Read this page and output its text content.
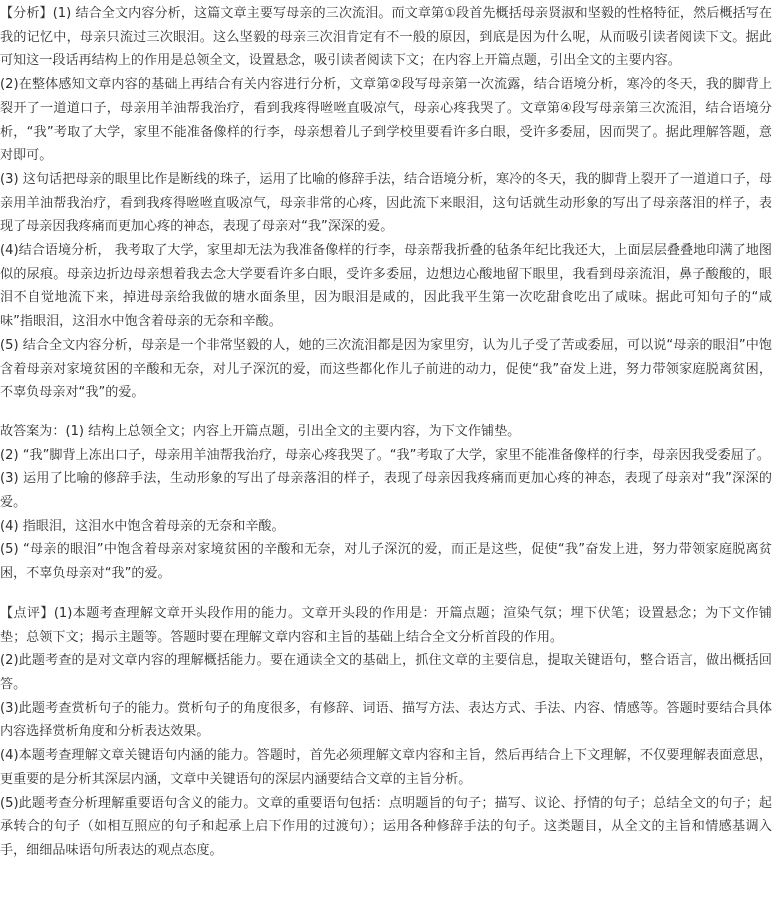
【分析】(1) 结合全文内容分析，这篇文章主要写母亲的三次流泪。而文章第①段首先概括母亲贤淑和坚毅的性格特征，然后概括写在我的记忆中，母亲只流过三次眼泪。这么坚毅的母亲三次泪肯定有不一般的原因，到底是因为什么呢，从而吸引读者阅读下文。据此可知这一段话再结构上的作用是总领全文，设置悬念，吸引读者阅读下文；在内容上开篇点题，引出全文的主要内容。

(2)在整体感知文章内容的基础上再结合有关内容进行分析，文章第②段写母亲第一次流露，结合语境分析，寒冷的冬天，我的脚背上裂开了一道道口子，母亲用羊油帮我治疗，看到我疼得咝咝直吸凉气，母亲心疼我哭了。文章第④段写母亲第三次流泪，结合语境分析，“我”考取了大学，家里不能准备像样的行李，母亲想着儿子到学校里要看许多白眼，受许多委屈，因而哭了。据此理解答题，意对即可。

(3) 这句话把母亲的眼里比作是断线的珠子，运用了比喻的修辞手法，结合语境分析，寒冷的冬天，我的脚背上裂开了一道道口子，母亲用羊油帮我治疗，看到我疼得咝咝直吸凉气，母亲非常的心疼，因此流下来眼泪，这句话就生动形象的写出了母亲落泪的样子，表现了母亲因我疼痛而更加心疼的神态，表现了母亲对“我”深深的爱。

(4)结合语境分析， 我考取了大学，家里却无法为我准备像样的行李，母亲帮我折叠的毡条年纪比我还大，上面层层叠叠地印满了地图似的尿痕。母亲边折边母亲想着我去念大学要看许多白眼，受许多委屈，边想边心酸地留下眼里，我看到母亲流泪，鼻子酸酸的，眼泪不自觉地流下来，掉进母亲给我做的塘水面条里，因为眼泪是咸的，因此我平生第一次吃甜食吃出了咸味。据此可知句子的“咸味”指眼泪，这泪水中饱含着母亲的无奈和辛酸。

(5) 结合全文内容分析，母亲是一个非常坚毅的人，她的三次流泪都是因为家里穷，认为儿子受了苦或委屈，可以说“母亲的眼泪”中饱含着母亲对家境贫困的辛酸和无奈，对儿子深沉的爱，而这些都化作儿子前进的动力，促使“我”奋发上进，努力带领家庭脱离贫困，不辜负母亲对“我”的爱。

故答案为：(1) 结构上总领全文；内容上开篇点题，引出全文的主要内容，为下文作铺垫。

(2) “我”脚背上冻出口子，母亲用羊油帮我治疗，母亲心疼我哭了。“我”考取了大学，家里不能准备像样的行李，母亲因我受委屈了。

(3) 运用了比喻的修辞手法，生动形象的写出了母亲落泪的样子，表现了母亲因我疼痛而更加心疼的神态，表现了母亲对“我”深深的爱。

(4) 指眼泪，这泪水中饱含着母亲的无奈和辛酸。

(5) “母亲的眼泪”中饱含着母亲对家境贫困的辛酸和无奈，对儿子深沉的爱，而正是这些，促使“我”奋发上进，努力带领家庭脱离贫困，不辜负母亲对“我”的爱。

【点评】(1)本题考查理解文章开头段作用的能力。文章开头段的作用是：开篇点题；渲染气氛；埋下伏笔；设置悬念；为下文作铺垫；总领下文；揭示主题等。答题时要在理解文章内容和主旨的基础上结合全文分析首段的作用。

(2)此题考查的是对文章内容的理解概括能力。要在通读全文的基础上，抓住文章的主要信息，提取关键语句，整合语言，做出概括回答。

(3)此题考查赏析句子的能力。赏析句子的角度很多，有修辞、词语、描写方法、表达方式、手法、内容、情感等。答题时要结合具体内容选择赏析角度和分析表达效果。

(4)本题考查理解文章关键语句内涵的能力。答题时，首先必须理解文章内容和主旨，然后再结合上下文理解，不仅要理解表面意思，更重要的是分析其深层内涵，文章中关键语句的深层内涵要结合文章的主旨分析。

(5)此题考查分析理解重要语句含义的能力。文章的重要语句包括：点明题旨的句子；描写、议论、抒情的句子；总结全文的句子；起承转合的句子（如相互照应的句子和起承上启下作用的过渡句）；运用各种修辞手法的句子。这类题目，从全文的主旨和情感基调入手，细细品味语句所表达的观点态度。
